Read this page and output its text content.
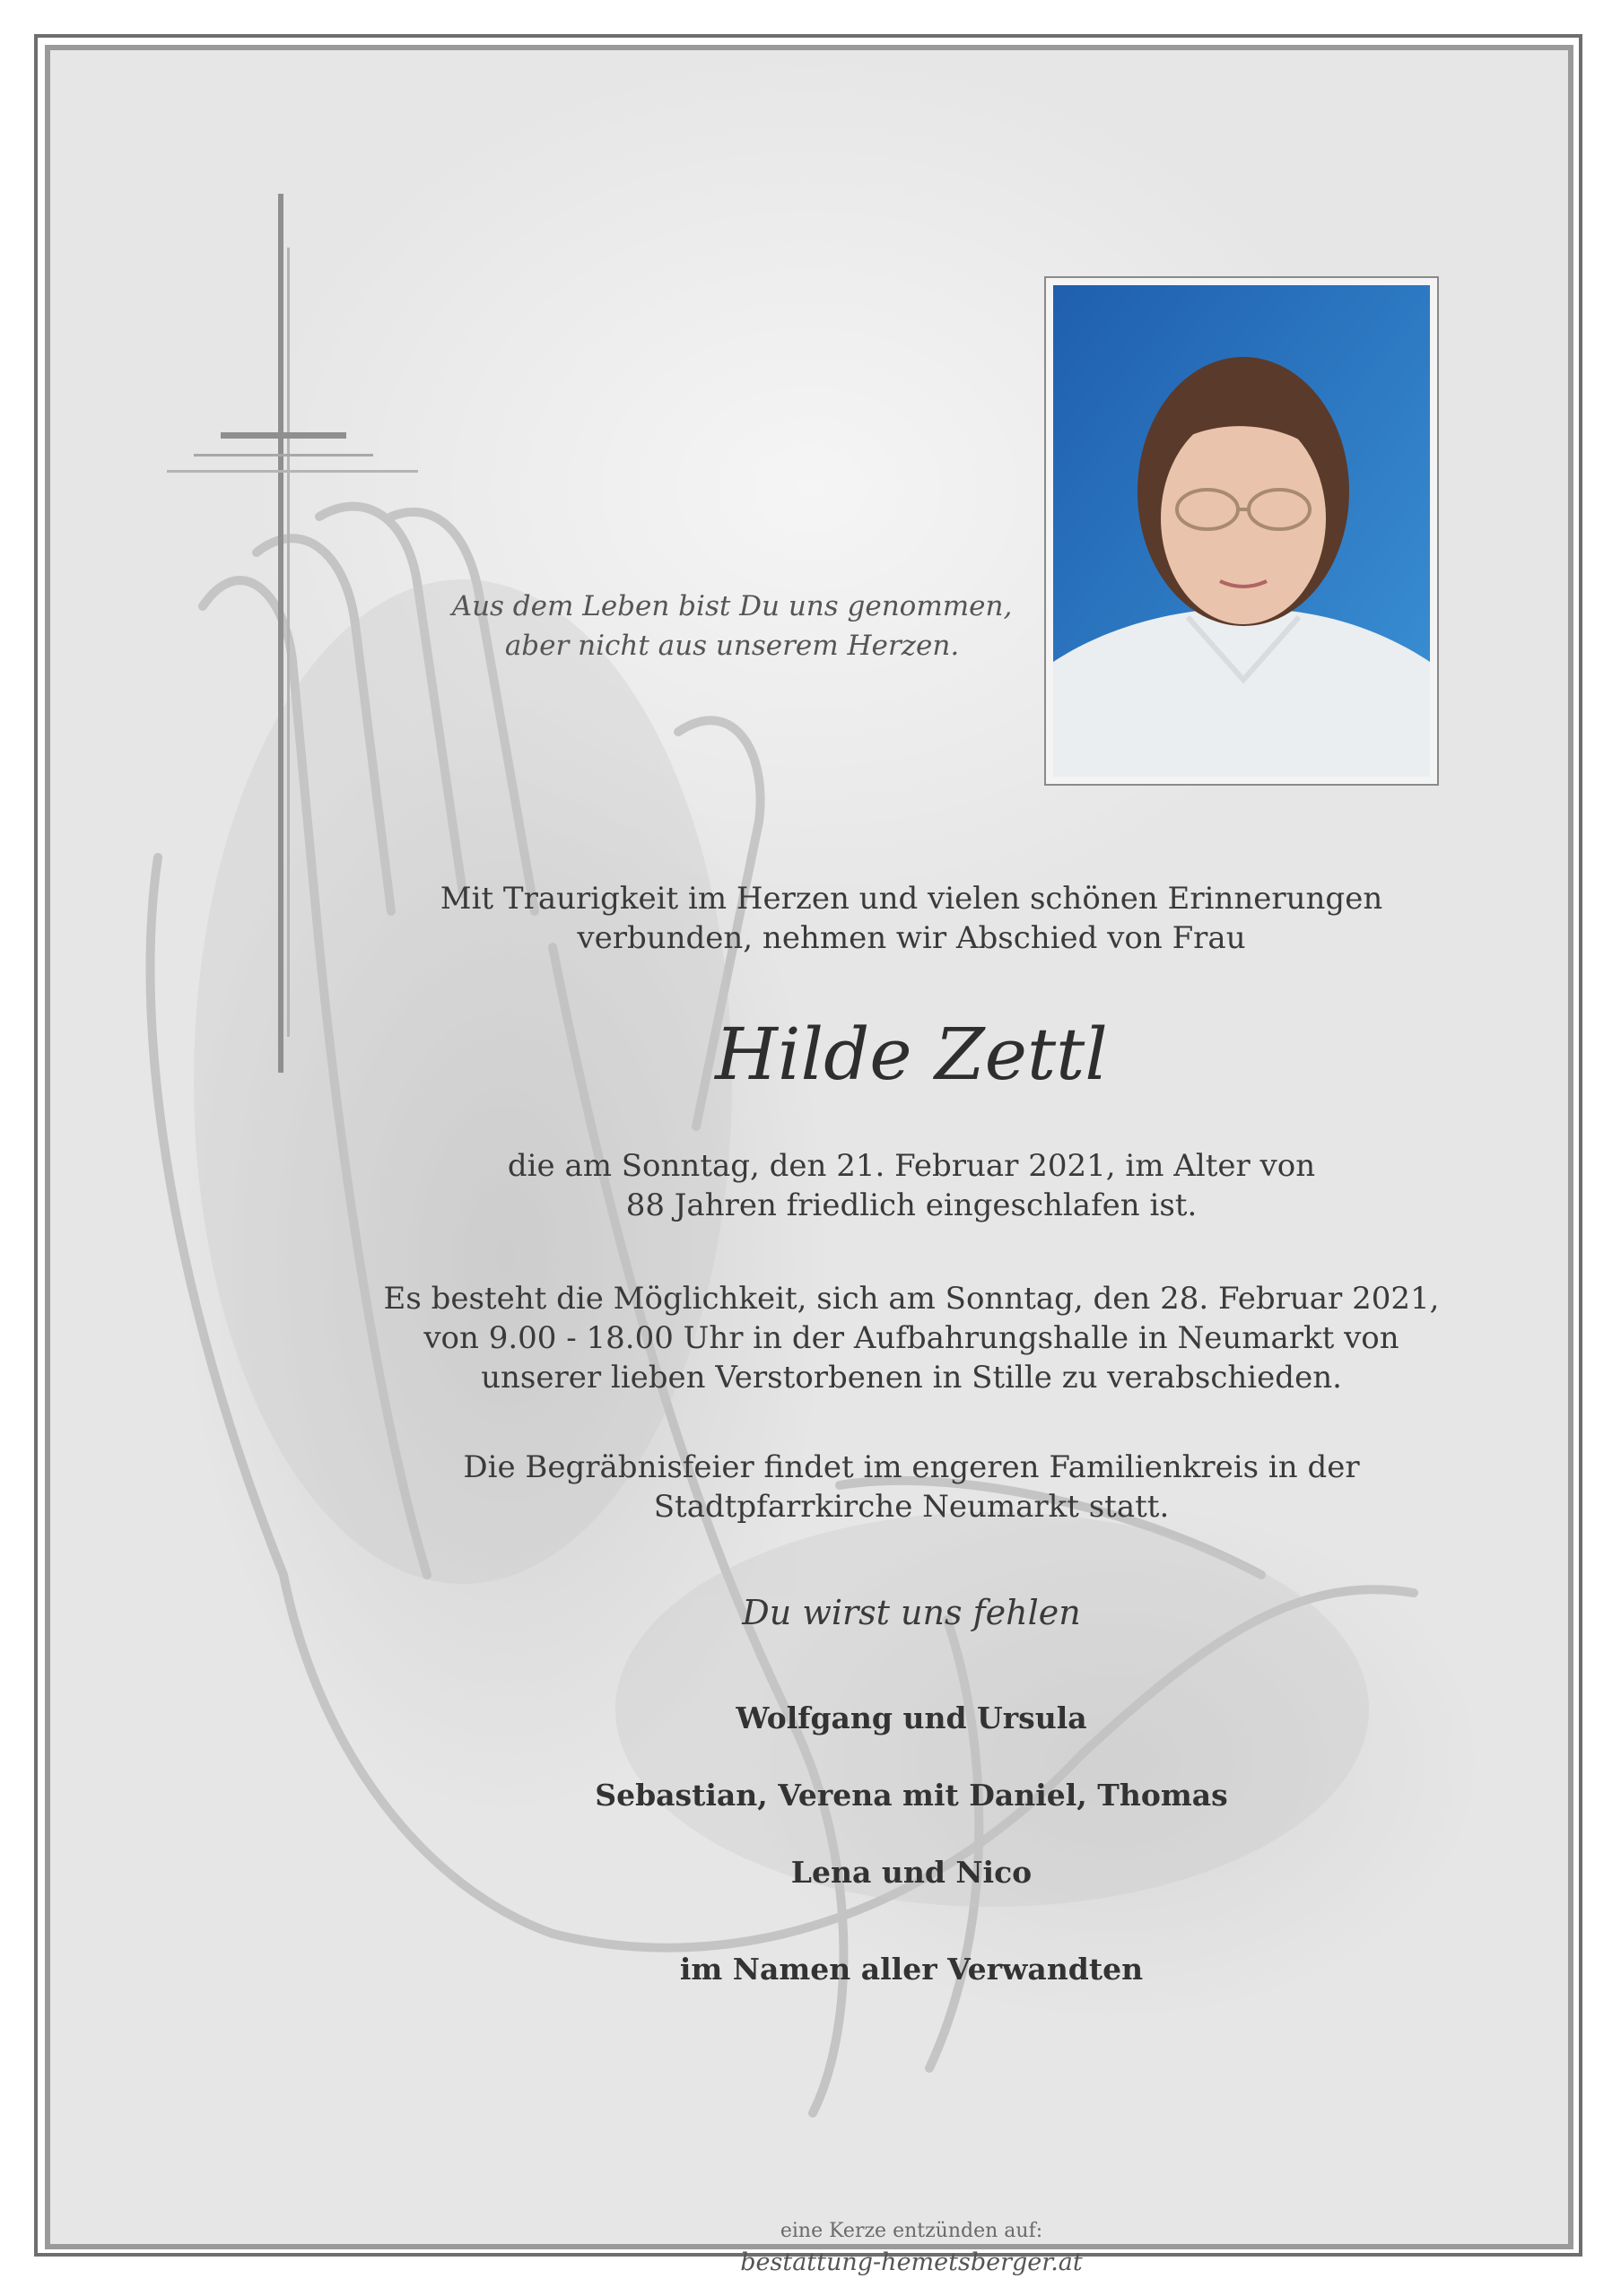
Aus dem Leben bist Du uns genommen,
aber nicht aus unserem Herzen.
Mit Traurigkeit im Herzen und vielen schönen Erinnerungen
verbunden, nehmen wir Abschied von Frau
Hilde Zettl
die am Sonntag, den 21. Februar 2021, im Alter von
88 Jahren friedlich eingeschlafen ist.
Es besteht die Möglichkeit, sich am Sonntag, den 28. Februar 2021,
von 9.00 - 18.00 Uhr in der Aufbahrungshalle in Neumarkt von
unserer lieben Verstorbenen in Stille zu verabschieden.
Die Begräbnisfeier findet im engeren Familienkreis in der
Stadtpfarrkirche Neumarkt statt.
Du wirst uns fehlen
Wolfgang und Ursula
Sebastian, Verena mit Daniel, Thomas
Lena und Nico
im Namen aller Verwandten
eine Kerze entzünden auf:
bestattung-hemetsberger.at
